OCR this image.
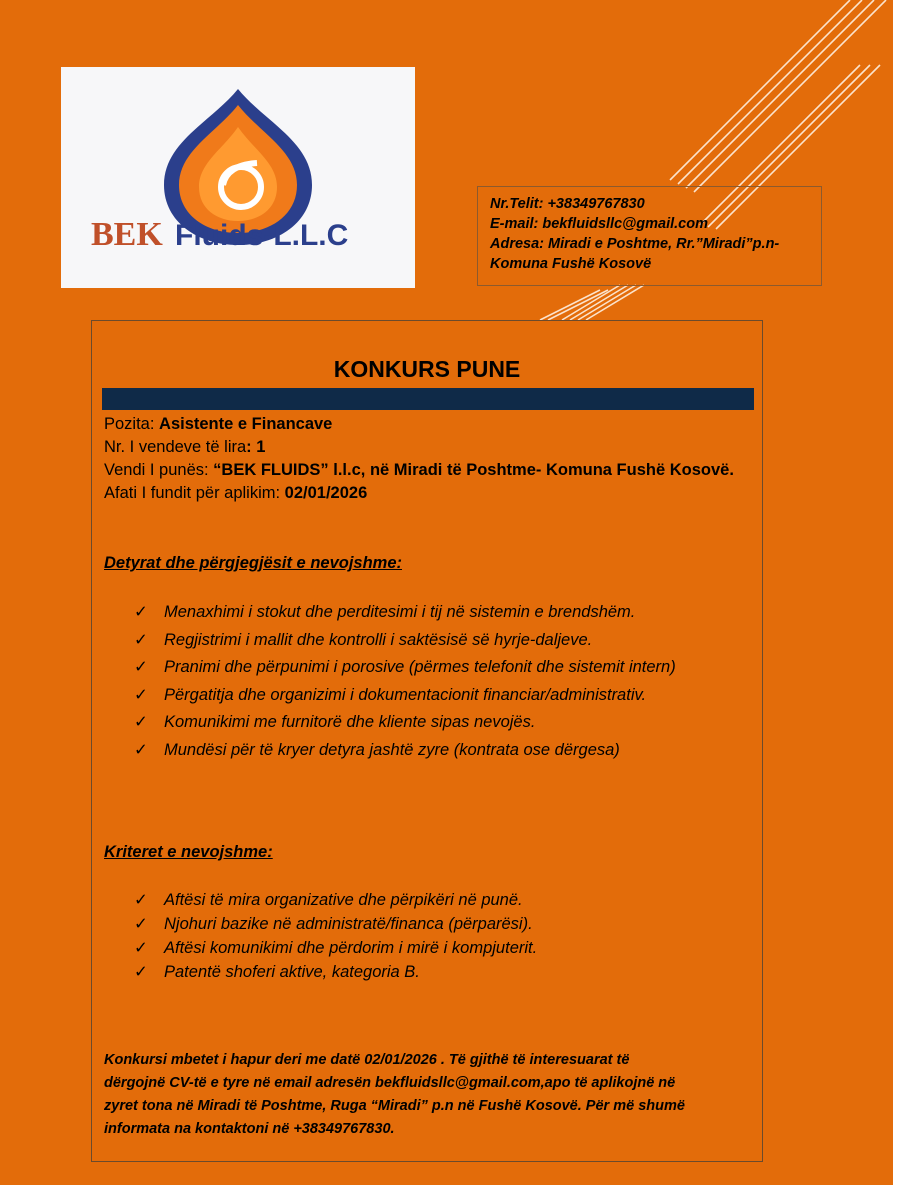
BEK Fluids-L.L.C
Nr.Telit: +38349767830
E-mail: bekfluidsllc@gmail.com
Adresa: Miradi e Poshtme, Rr.”Miradi”p.n-
Komuna Fushë Kosovë
KONKURS PUNE
Pozita: Asistente e Financave
Nr. I vendeve të lira: 1
Vendi I punës: “BEK FLUIDS” l.l.c, në Miradi të Poshtme- Komuna Fushë Kosovë.
Afati I fundit për aplikim: 02/01/2026
Detyrat dhe përgjegjësit e nevojshme:
✓ Menaxhimi i stokut dhe perditesimi i tij në sistemin e brendshëm.
✓ Regjistrimi i mallit dhe kontrolli i saktësisë së hyrje-daljeve.
✓ Pranimi dhe përpunimi i porosive (përmes telefonit dhe sistemit intern)
✓ Përgatitja dhe organizimi i dokumentacionit financiar/administrativ.
✓ Komunikimi me furnitorë dhe kliente sipas nevojës.
✓ Mundësi për të kryer detyra jashtë zyre (kontrata ose dërgesa)
Kriteret e nevojshme:
✓ Aftësi të mira organizative dhe përpikëri në punë.
✓ Njohuri bazike në administratë/financa (përparësi).
✓ Aftësi komunikimi dhe përdorim i mirë i kompjuterit.
✓ Patentë shoferi aktive, kategoria B.
Konkursi mbetet i hapur deri me datë 02/01/2026 . Të gjithë të interesuarat të
dërgojnë CV-të e tyre në email adresën bekfluidsllc@gmail.com,apo të aplikojnë në
zyret tona në Miradi të Poshtme, Ruga “Miradi” p.n në Fushë Kosovë. Për më shumë
informata na kontaktoni në +38349767830.
